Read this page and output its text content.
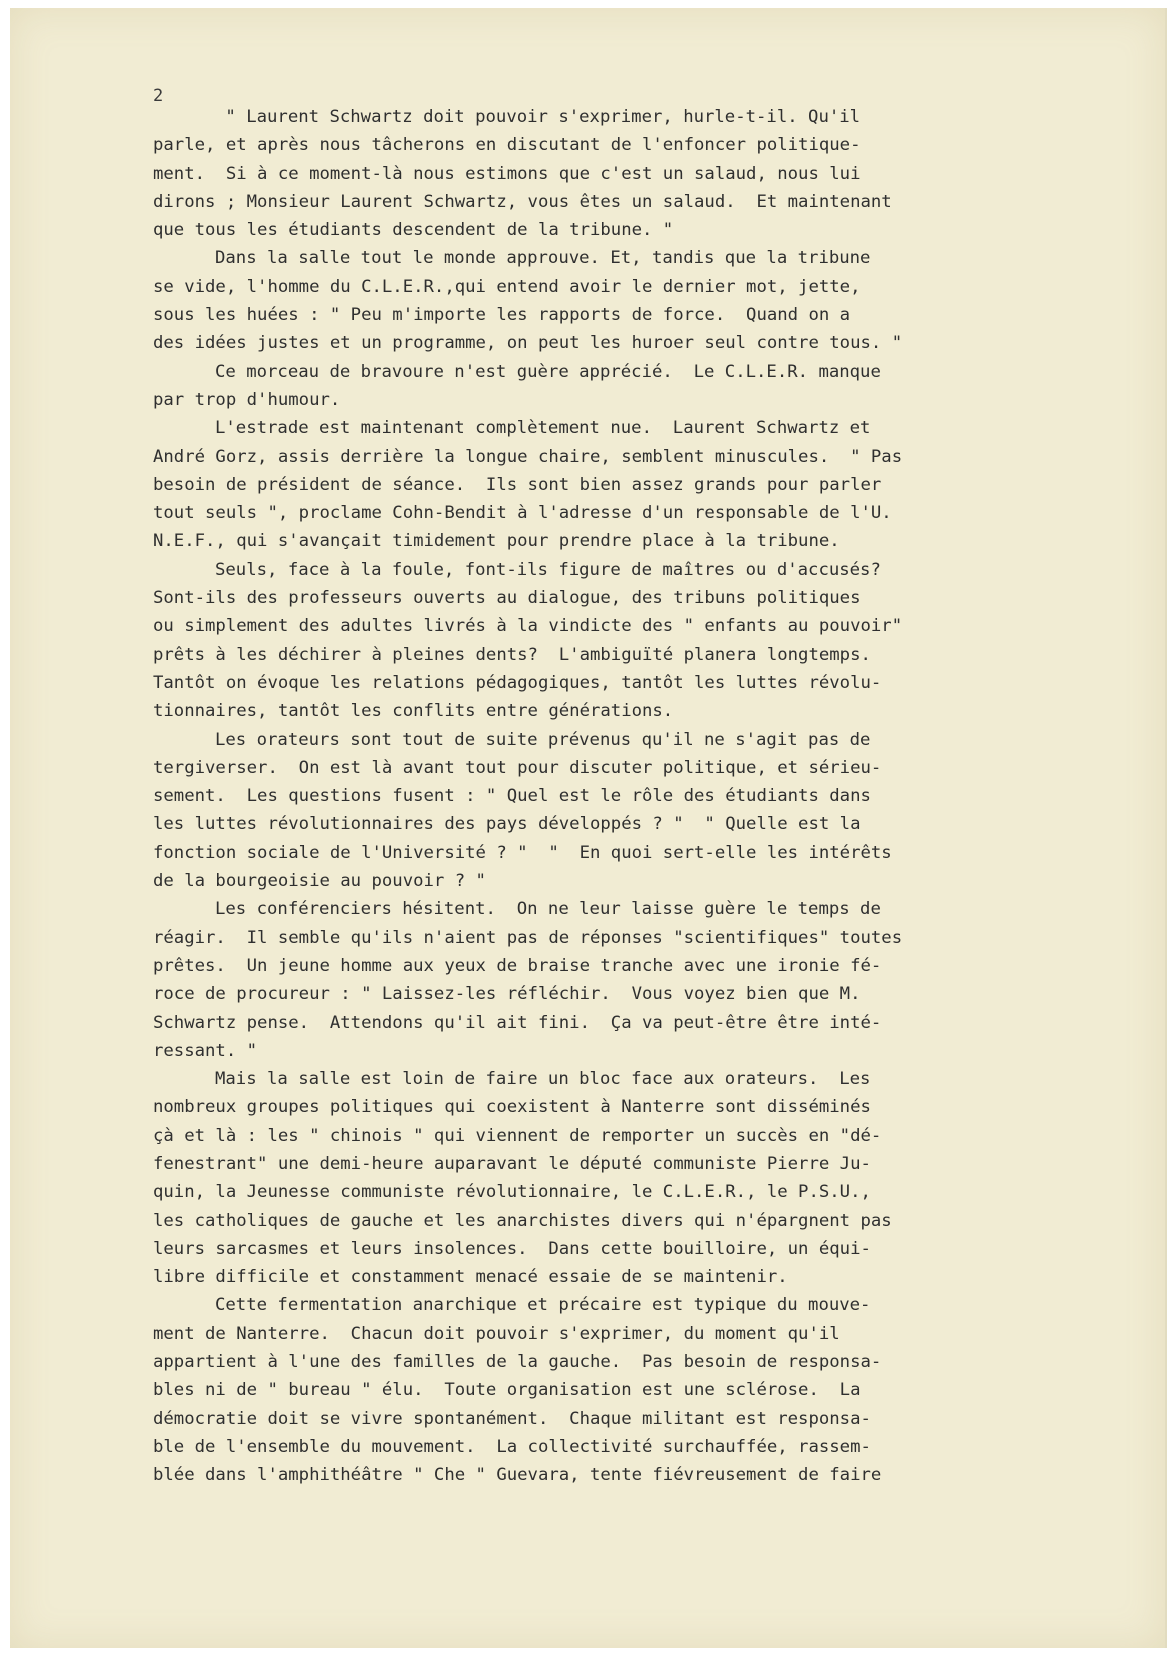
2

" Laurent Schwartz doit pouvoir s'exprimer, hurle-t-il. Qu'il
parle, et après nous tâcherons en discutant de l'enfoncer politique-
ment.  Si à ce moment-là nous estimons que c'est un salaud, nous lui
dirons ; Monsieur Laurent Schwartz, vous êtes un salaud.  Et maintenant
que tous les étudiants descendent de la tribune. "
Dans la salle tout le monde approuve. Et, tandis que la tribune
se vide, l'homme du C.L.E.R.,qui entend avoir le dernier mot, jette,
sous les huées : " Peu m'importe les rapports de force.  Quand on a
des idées justes et un programme, on peut les huroer seul contre tous. "
Ce morceau de bravoure n'est guère apprécié.  Le C.L.E.R. manque
par trop d'humour.
L'estrade est maintenant complètement nue.  Laurent Schwartz et
André Gorz, assis derrière la longue chaire, semblent minuscules.  " Pas
besoin de président de séance.  Ils sont bien assez grands pour parler
tout seuls ", proclame Cohn-Bendit à l'adresse d'un responsable de l'U.
N.E.F., qui s'avançait timidement pour prendre place à la tribune.
Seuls, face à la foule, font-ils figure de maîtres ou d'accusés?
Sont-ils des professeurs ouverts au dialogue, des tribuns politiques
ou simplement des adultes livrés à la vindicte des " enfants au pouvoir"
prêts à les déchirer à pleines dents?  L'ambiguïté planera longtemps.
Tantôt on évoque les relations pédagogiques, tantôt les luttes révolu-
tionnaires, tantôt les conflits entre générations.
Les orateurs sont tout de suite prévenus qu'il ne s'agit pas de
tergiverser.  On est là avant tout pour discuter politique, et sérieu-
sement.  Les questions fusent : " Quel est le rôle des étudiants dans
les luttes révolutionnaires des pays développés ? "  " Quelle est la
fonction sociale de l'Université ? "  "  En quoi sert-elle les intérêts
de la bourgeoisie au pouvoir ? "
Les conférenciers hésitent.  On ne leur laisse guère le temps de
réagir.  Il semble qu'ils n'aient pas de réponses "scientifiques" toutes
prêtes.  Un jeune homme aux yeux de braise tranche avec une ironie fé-
roce de procureur : " Laissez-les réfléchir.  Vous voyez bien que M.
Schwartz pense.  Attendons qu'il ait fini.  Ça va peut-être être inté-
ressant. "
Mais la salle est loin de faire un bloc face aux orateurs.  Les
nombreux groupes politiques qui coexistent à Nanterre sont disséminés
çà et là : les " chinois " qui viennent de remporter un succès en "dé-
fenestrant" une demi-heure auparavant le député communiste Pierre Ju-
quin, la Jeunesse communiste révolutionnaire, le C.L.E.R., le P.S.U.,
les catholiques de gauche et les anarchistes divers qui n'épargnent pas
leurs sarcasmes et leurs insolences.  Dans cette bouilloire, un équi-
libre difficile et constamment menacé essaie de se maintenir.
Cette fermentation anarchique et précaire est typique du mouve-
ment de Nanterre.  Chacun doit pouvoir s'exprimer, du moment qu'il
appartient à l'une des familles de la gauche.  Pas besoin de responsa-
bles ni de " bureau " élu.  Toute organisation est une sclérose.  La
démocratie doit se vivre spontanément.  Chaque militant est responsa-
ble de l'ensemble du mouvement.  La collectivité surchauffée, rassem-
blée dans l'amphithéâtre " Che " Guevara, tente fiévreusement de faire
